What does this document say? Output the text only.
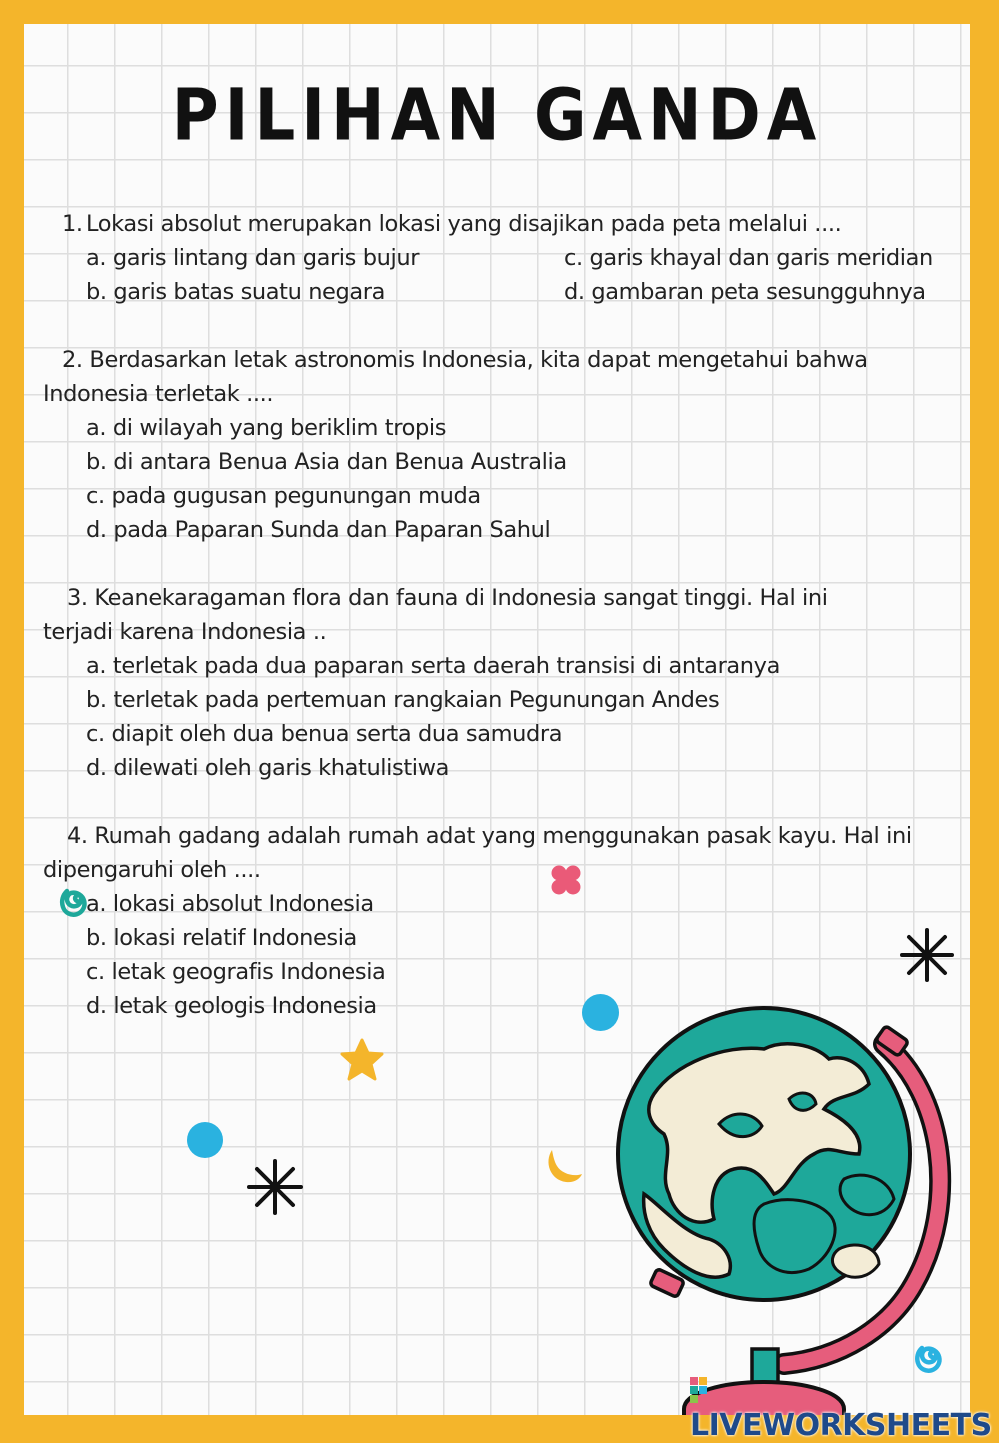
PILIHAN GANDA
1. Lokasi absolut merupakan lokasi yang disajikan pada peta melalui ....
a. garis lintang dan garis bujur	c. garis khayal dan garis meridian
b. garis batas suatu negara	d. gambaran peta sesungguhnya
2. Berdasarkan letak astronomis Indonesia, kita dapat mengetahui bahwa
Indonesia terletak ....
a. di wilayah yang beriklim tropis
b. di antara Benua Asia dan Benua Australia
c. pada gugusan pegunungan muda
d. pada Paparan Sunda dan Paparan Sahul
3. Keanekaragaman flora dan fauna di Indonesia sangat tinggi. Hal ini
terjadi karena Indonesia ..
a. terletak pada dua paparan serta daerah transisi di antaranya
b. terletak pada pertemuan rangkaian Pegunungan Andes
c. diapit oleh dua benua serta dua samudra
d. dilewati oleh garis khatulistiwa
4. Rumah gadang adalah rumah adat yang menggunakan pasak kayu. Hal ini
dipengaruhi oleh ....
a. lokasi absolut Indonesia
b. lokasi relatif Indonesia
c. letak geografis Indonesia
d. letak geologis Indonesia
LIVEWORKSHEETS
